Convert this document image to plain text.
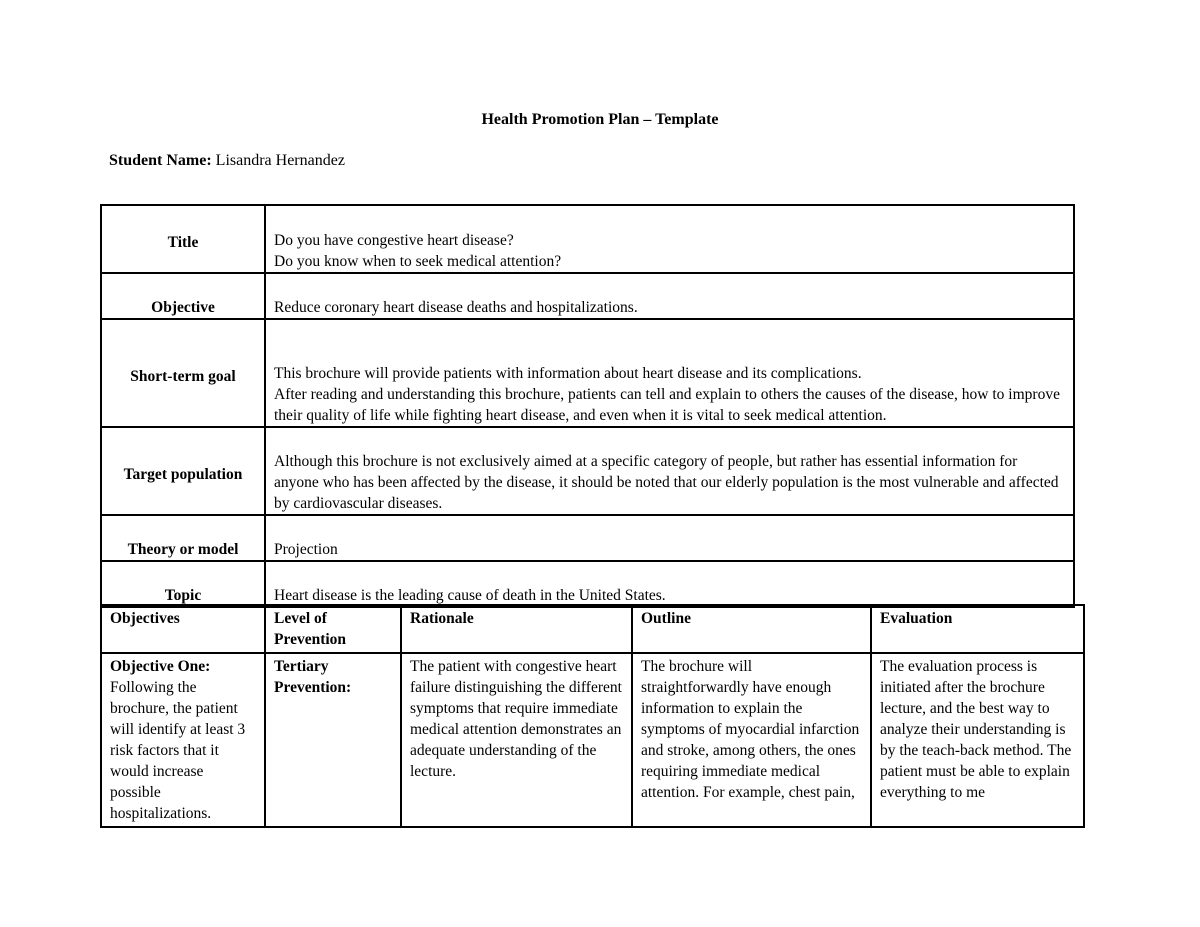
Health Promotion Plan – Template
Student Name: Lisandra Hernandez
Title	Do you have congestive heart disease?
Do you know when to seek medical attention?

Objective	Reduce coronary heart disease deaths and hospitalizations.
Short-term goal	This brochure will provide patients with information about heart disease and its complications.
After reading and understanding this brochure, patients can tell and explain to others the causes of the disease, how to improve their quality of life while fighting heart disease, and even when it is vital to seek medical attention.

Target population	Although this brochure is not exclusively aimed at a specific category of people, but rather has essential information for anyone who has been affected by the disease, it should be noted that our elderly population is the most vulnerable and affected by cardiovascular diseases.
Theory or model	Projection
Topic	Heart disease is the leading cause of death in the United States.
Objectives	Level of Prevention	Rationale	Outline	Evaluation

Objective One: Following the brochure, the patient will identify at least 3 risk factors that it would increase possible hospitalizations.	Tertiary Prevention:	The patient with congestive heart failure distinguishing the different symptoms that require immediate medical attention demonstrates an adequate understanding of the lecture.	The brochure will straightforwardly have enough information to explain the symptoms of myocardial infarction and stroke, among others, the ones requiring immediate medical attention. For example, chest pain,	The evaluation process is initiated after the brochure lecture, and the best way to analyze their understanding is by the teach-back method. The patient must be able to explain everything to me
